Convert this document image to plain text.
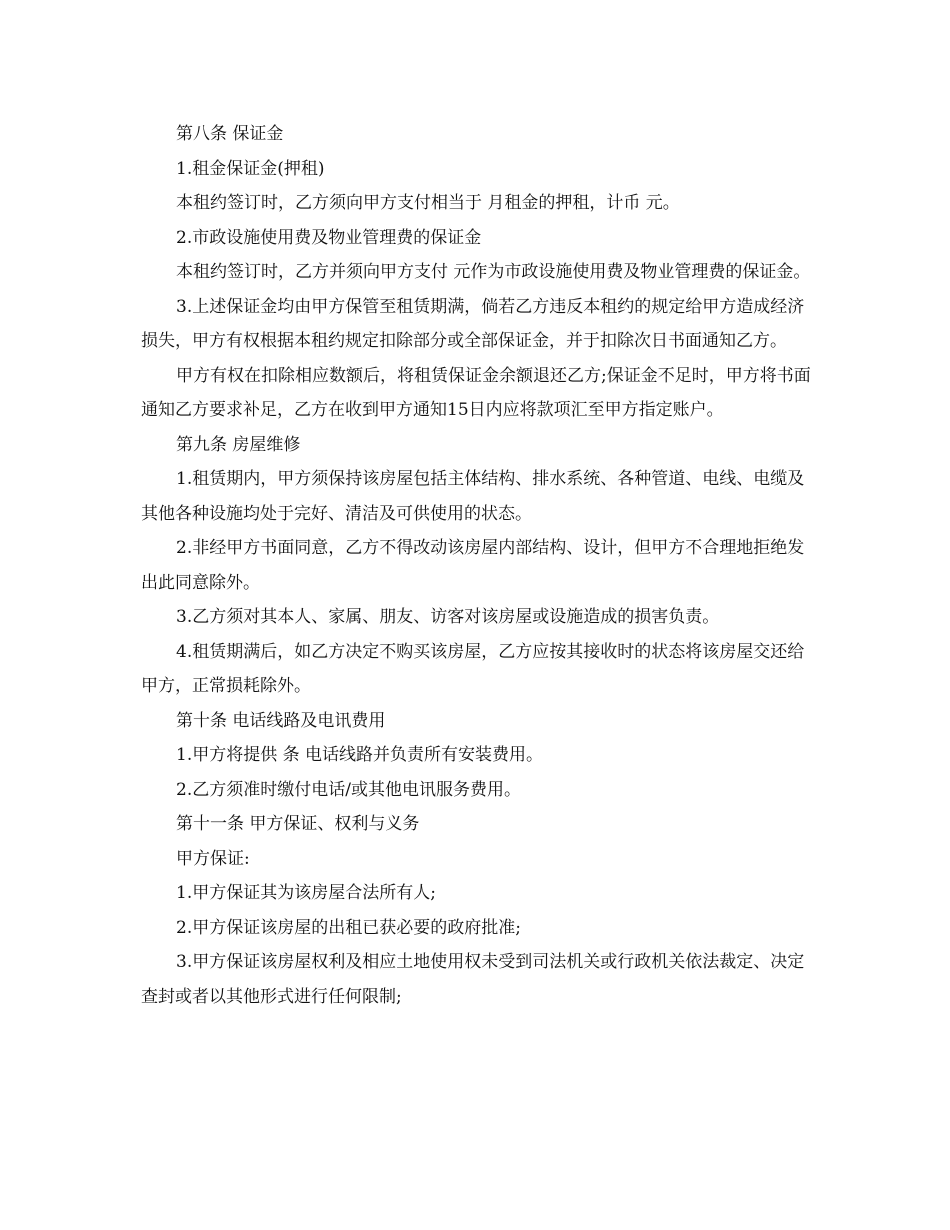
第八条 保证金

1.租金保证金(押租)

本租约签订时，乙方须向甲方支付相当于 月租金的押租，计币 元。

2.市政设施使用费及物业管理费的保证金

本租约签订时，乙方并须向甲方支付 元作为市政设施使用费及物业管理费的保证金。

3.上述保证金均由甲方保管至租赁期满，倘若乙方违反本租约的规定给甲方造成经济损失，甲方有权根据本租约规定扣除部分或全部保证金，并于扣除次日书面通知乙方。

甲方有权在扣除相应数额后，将租赁保证金余额退还乙方;保证金不足时，甲方将书面通知乙方要求补足，乙方在收到甲方通知15日内应将款项汇至甲方指定账户。

第九条 房屋维修

1.租赁期内，甲方须保持该房屋包括主体结构、排水系统、各种管道、电线、电缆及其他各种设施均处于完好、清洁及可供使用的状态。

2.非经甲方书面同意，乙方不得改动该房屋内部结构、设计，但甲方不合理地拒绝发出此同意除外。

3.乙方须对其本人、家属、朋友、访客对该房屋或设施造成的损害负责。

4.租赁期满后，如乙方决定不购买该房屋，乙方应按其接收时的状态将该房屋交还给甲方，正常损耗除外。

第十条 电话线路及电讯费用

1.甲方将提供 条 电话线路并负责所有安装费用。

2.乙方须准时缴付电话/或其他电讯服务费用。

第十一条 甲方保证、权利与义务

甲方保证:

1.甲方保证其为该房屋合法所有人;

2.甲方保证该房屋的出租已获必要的政府批准;

3.甲方保证该房屋权利及相应土地使用权未受到司法机关或行政机关依法裁定、决定查封或者以其他形式进行任何限制;
